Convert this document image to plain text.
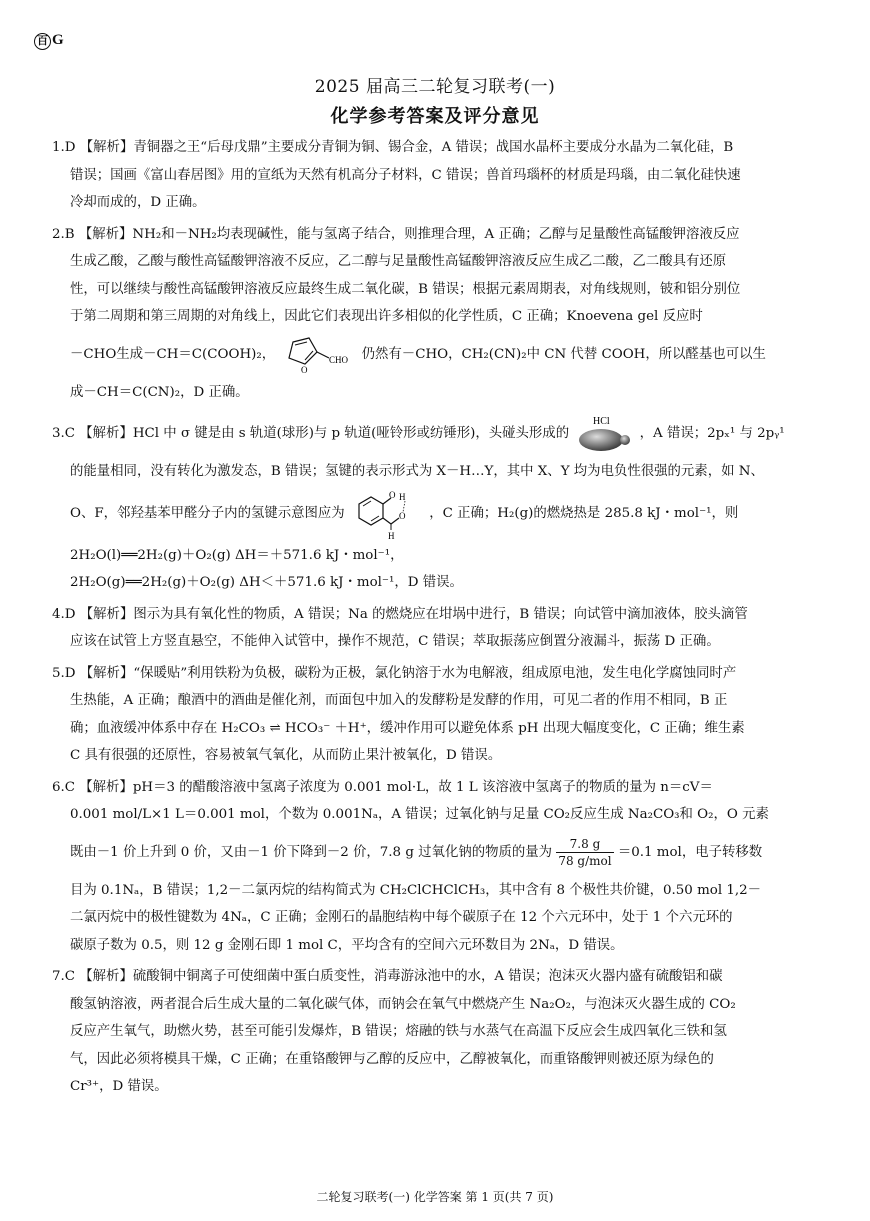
百 G
2025 届高三二轮复习联考(一)
化学参考答案及评分意见
1.D 【解析】青铜器之王“后母戊鼎”主要成分青铜为铜、锡合金，A 错误；战国水晶杯主要成分水晶为二氧化硅，B
错误；国画《富山春居图》用的宣纸为天然有机高分子材料，C 错误；兽首玛瑙杯的材质是玛瑙，由二氧化硅快速
冷却而成的，D 正确。
2.B 【解析】NH₂和－NH₂均表现碱性，能与氢离子结合，则推理合理，A 正确；乙醇与足量酸性高锰酸钾溶液反应
生成乙酸，乙酸与酸性高锰酸钾溶液不反应，乙二醇与足量酸性高锰酸钾溶液反应生成乙二酸，乙二酸具有还原
性，可以继续与酸性高锰酸钾溶液反应最终生成二氧化碳，B 错误；根据元素周期表，对角线规则，铍和铝分别位
于第二周期和第三周期的对角线上，因此它们表现出许多相似的化学性质，C 正确；Knoevena gel 反应时
－CHO生成－CH＝C(COOH)₂，
O
CHO 仍然有－CHO，CH₂(CN)₂中 CN 代替 COOH，所以醛基也可以生
成－CH＝C(CN)₂，D 正确。
3.C 【解析】HCl 中 σ 键是由 s 轨道(球形)与 p 轨道(哑铃形或纺锤形)，头碰头形成的
HCl
，A 错误；2pₓ¹ 与 2pᵧ¹
的能量相同，没有转化为激发态，B 错误；氢键的表示形式为 X－H…Y，其中 X、Y 均为电负性很强的元素，如 N、
O、F，邻羟基苯甲醛分子内的氢键示意图应为
O H
O
H
，C 正确；H₂(g)的燃烧热是 285.8 kJ・mol⁻¹，则
2H₂O(l)══2H₂(g)＋O₂(g) ΔH＝＋571.6 kJ・mol⁻¹，
2H₂O(g)══2H₂(g)＋O₂(g) ΔH＜＋571.6 kJ・mol⁻¹，D 错误。
4.D 【解析】图示为具有氧化性的物质，A 错误；Na 的燃烧应在坩埚中进行，B 错误；向试管中滴加液体，胶头滴管
应该在试管上方竖直悬空，不能伸入试管中，操作不规范，C 错误；萃取振荡应倒置分液漏斗，振荡 D 正确。
5.D 【解析】“保暖贴”利用铁粉为负极，碳粉为正极，氯化钠溶于水为电解液，组成原电池，发生电化学腐蚀同时产
生热能，A 正确；酿酒中的酒曲是催化剂，而面包中加入的发酵粉是发酵的作用，可见二者的作用不相同，B 正
确；血液缓冲体系中存在 H₂CO₃ ⇌ HCO₃⁻ ＋H⁺，缓冲作用可以避免体系 pH 出现大幅度变化，C 正确；维生素
C 具有很强的还原性，容易被氧气氧化，从而防止果汁被氧化，D 错误。
6.C 【解析】pH＝3 的醋酸溶液中氢离子浓度为 0.001 mol·L，故 1 L 该溶液中氢离子的物质的量为 n＝cV＝
0.001 mol/L×1 L＝0.001 mol，个数为 0.001Nₐ，A 错误；过氧化钠与足量 CO₂反应生成 Na₂CO₃和 O₂，O 元素
既由－1 价上升到 0 价，又由－1 价下降到－2 价，7.8 g 过氧化钠的物质的量为
7.8 g
78 g/mol
＝0.1 mol，电子转移数
目为 0.1Nₐ，B 错误；1,2－二氯丙烷的结构简式为 CH₂ClCHClCH₃，其中含有 8 个极性共价键，0.50 mol 1,2－
二氯丙烷中的极性键数为 4Nₐ，C 正确；金刚石的晶胞结构中每个碳原子在 12 个六元环中，处于 1 个六元环的
碳原子数为 0.5，则 12 g 金刚石即 1 mol C，平均含有的空间六元环数目为 2Nₐ，D 错误。
7.C 【解析】硫酸铜中铜离子可使细菌中蛋白质变性，消毒游泳池中的水，A 错误；泡沫灭火器内盛有硫酸铝和碳
酸氢钠溶液，两者混合后生成大量的二氧化碳气体，而钠会在氧气中燃烧产生 Na₂O₂，与泡沫灭火器生成的 CO₂
反应产生氧气，助燃火势，甚至可能引发爆炸，B 错误；熔融的铁与水蒸气在高温下反应会生成四氧化三铁和氢
气，因此必须将模具干燥，C 正确；在重铬酸钾与乙醇的反应中，乙醇被氧化，而重铬酸钾则被还原为绿色的
Cr³⁺，D 错误。
二轮复习联考(一) 化学答案 第 1 页(共 7 页)
